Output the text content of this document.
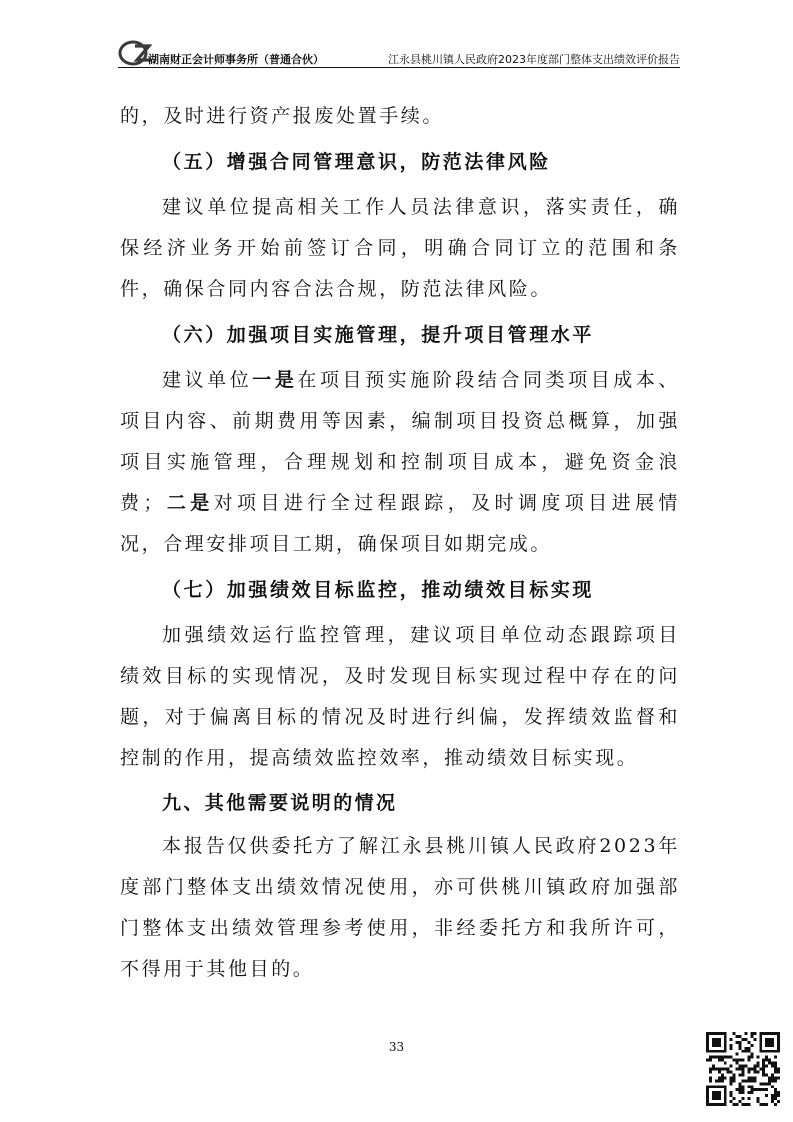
湖南财正会计师事务所（普通合伙）	江永县桃川镇人民政府2023年度部门整体支出绩效评价报告

的，及时进行资产报废处置手续。

（五）增强合同管理意识，防范法律风险

建议单位提高相关工作人员法律意识，落实责任，确保经济业务开始前签订合同，明确合同订立的范围和条件，确保合同内容合法合规，防范法律风险。

（六）加强项目实施管理，提升项目管理水平

建议单位一是在项目预实施阶段结合同类项目成本、项目内容、前期费用等因素，编制项目投资总概算，加强项目实施管理，合理规划和控制项目成本，避免资金浪费；二是对项目进行全过程跟踪，及时调度项目进展情况，合理安排项目工期，确保项目如期完成。

（七）加强绩效目标监控，推动绩效目标实现

加强绩效运行监控管理，建议项目单位动态跟踪项目绩效目标的实现情况，及时发现目标实现过程中存在的问题，对于偏离目标的情况及时进行纠偏，发挥绩效监督和控制的作用，提高绩效监控效率，推动绩效目标实现。

九、其他需要说明的情况

本报告仅供委托方了解江永县桃川镇人民政府2023年度部门整体支出绩效情况使用，亦可供桃川镇政府加强部门整体支出绩效管理参考使用，非经委托方和我所许可，不得用于其他目的。

33
